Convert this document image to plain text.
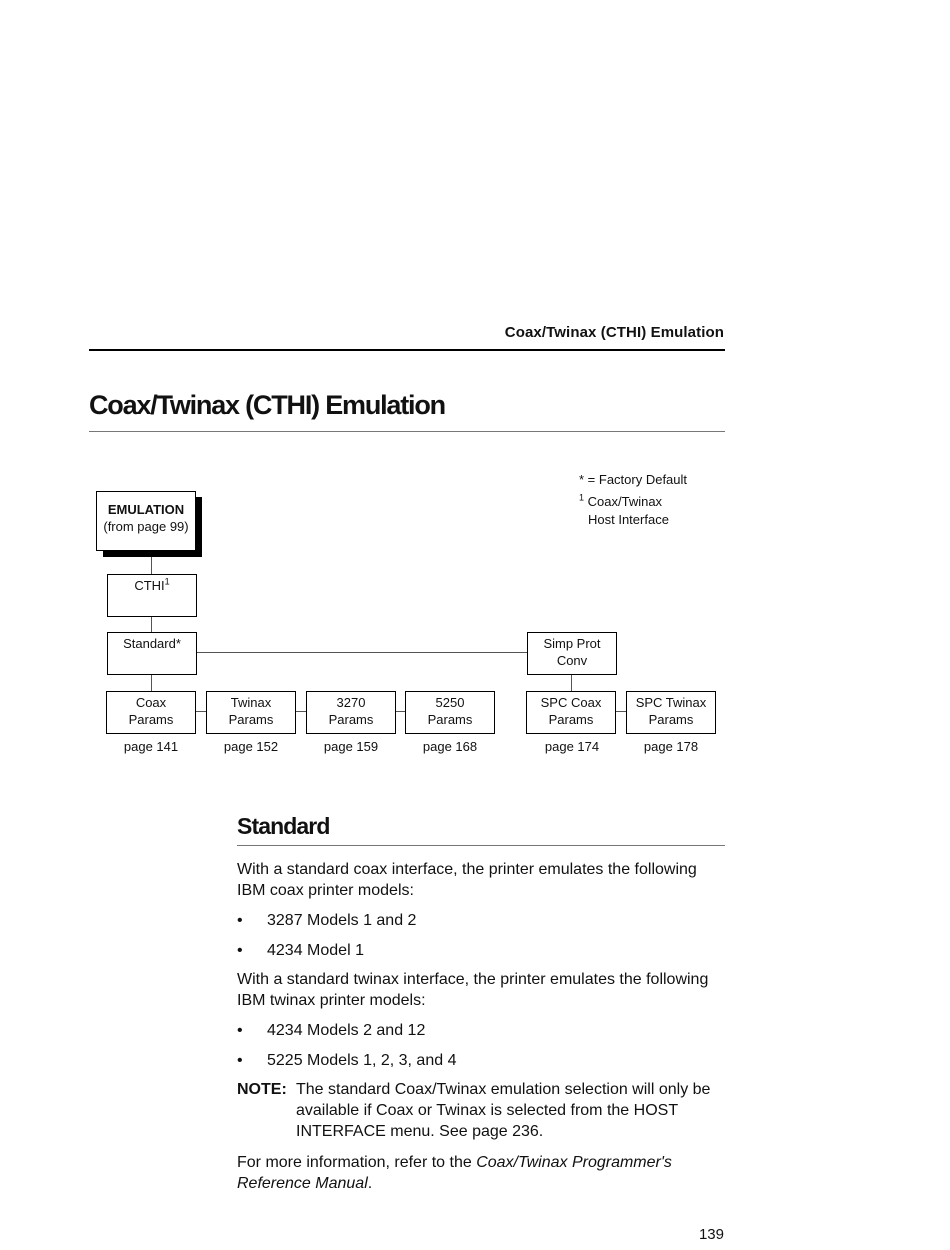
Coax/Twinax (CTHI) Emulation
Coax/Twinax (CTHI) Emulation
* = Factory Default
$^1$ Coax/Twinax
Host Interface
EMULATION
(from page 99)
CTHI$^1$
Standard*	Simp Prot
Conv
Coax
Params
page 141
Twinax
Params
page 152
3270
Params
page 159
5250
Params
page 168
SPC Coax
Params
page 174
SPC Twinax
Params
page 178
Standard

With a standard coax interface, the printer emulates the following IBM coax printer models:

• 3287 Models 1 and 2
• 4234 Model 1

With a standard twinax interface, the printer emulates the following IBM twinax printer models:

• 4234 Models 2 and 12
• 5225 Models 1, 2, 3, and 4
NOTE: The standard Coax/Twinax emulation selection will only be available if Coax or Twinax is selected from the HOST INTERFACE menu. See page 236.

For more information, refer to the Coax/Twinax Programmer's Reference Manual.

139
